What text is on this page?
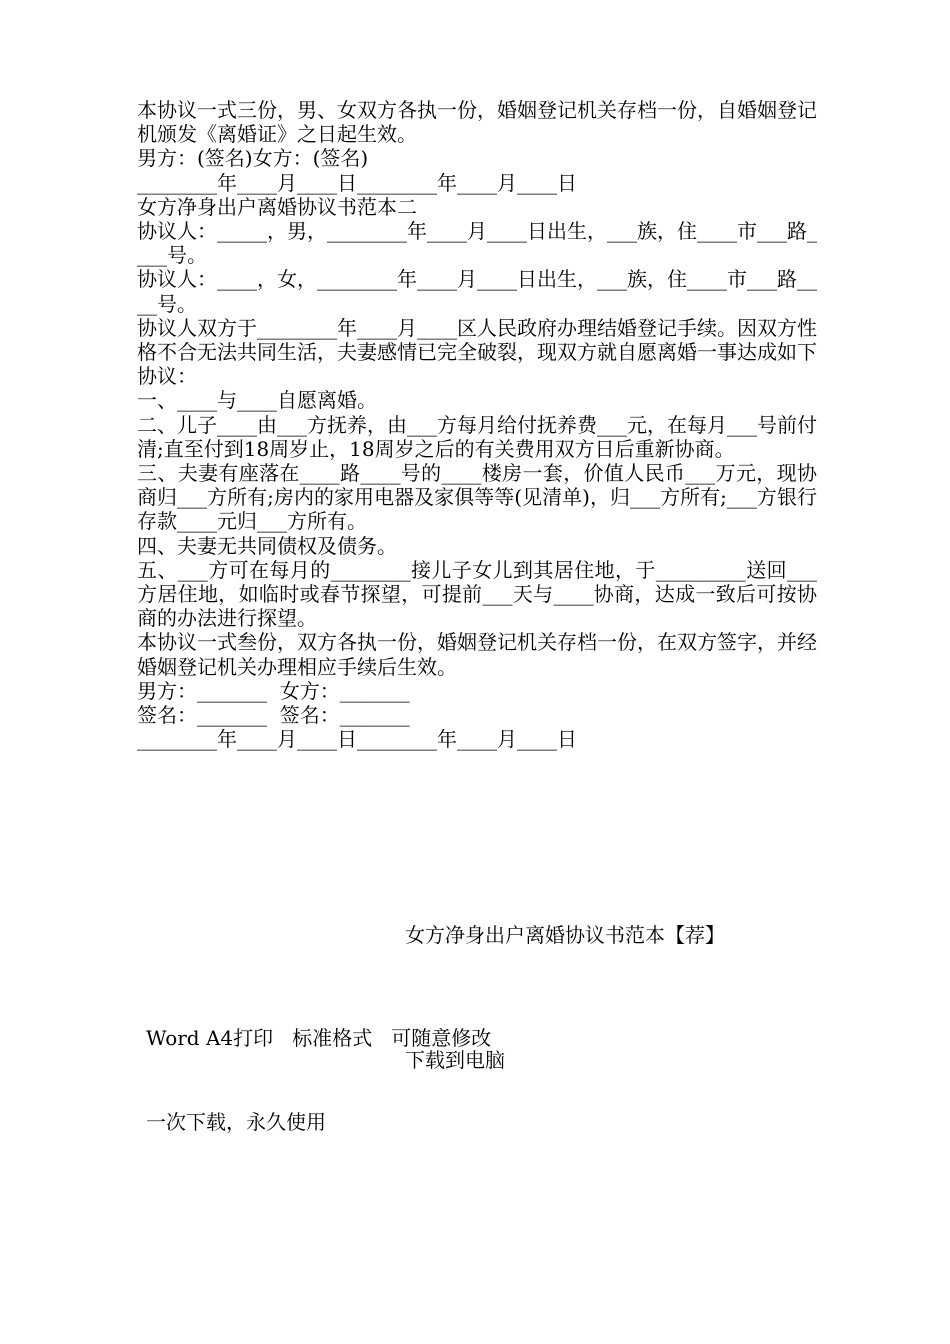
本协议一式三份，男、女双方各执一份，婚姻登记机关存档一份，自婚姻登记机颁发《离婚证》之日起生效。

男方：(签名)女方：(签名)

________年____月____日________年____月____日

女方净身出户离婚协议书范本二

协议人：_____，男，________年____月____日出生，___族，住____市___路____号。

协议人：____，女，________年____月____日出生，___族，住____市___路____号。

协议人双方于________年____月____区人民政府办理结婚登记手续。因双方性格不合无法共同生活，夫妻感情已完全破裂，现双方就自愿离婚一事达成如下协议：

一、____与____自愿离婚。

二、儿子____由___方抚养，由___方每月给付抚养费___元，在每月___号前付清;直至付到18周岁止，18周岁之后的有关费用双方日后重新协商。

三、夫妻有座落在____路____号的____楼房一套，价值人民币___万元，现协商归___方所有;房内的家用电器及家俱等等(见清单)，归___方所有;___方银行存款____元归___方所有。

四、夫妻无共同债权及债务。

五、___方可在每月的________接儿子女儿到其居住地，于_________送回___方居住地，如临时或春节探望，可提前___天与____协商，达成一致后可按协商的办法进行探望。

本协议一式叁份，双方各执一份，婚姻登记机关存档一份，在双方签字，并经婚姻登记机关办理相应手续后生效。

男方：_______  女方：_______

签名：_______  签名：_______

________年____月____日________年____月____日

女方净身出户离婚协议书范本【荐】

Word A4打印   标准格式   可随意修改

一次下载，永久使用

下载到电脑
